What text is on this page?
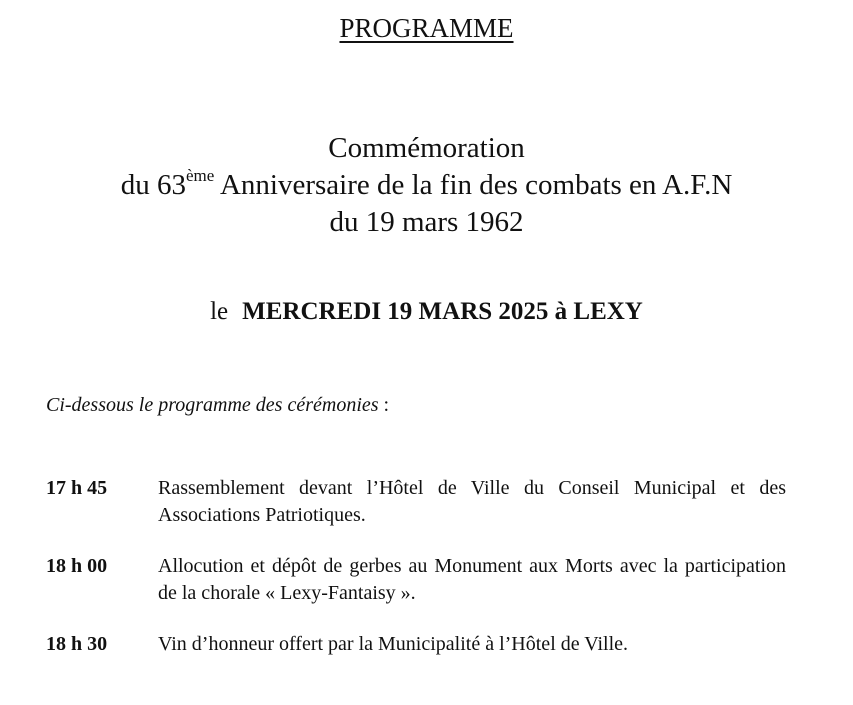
PROGRAMME
Commémoration
du 63ème Anniversaire de la fin des combats en A.F.N
du 19 mars 1962
le MERCREDI 19 MARS 2025 à LEXY
Ci-dessous le programme des cérémonies :
17 h 45	Rassemblement devant l’Hôtel de Ville du Conseil Municipal et des Associations Patriotiques.
18 h 00	Allocution et dépôt de gerbes au Monument aux Morts avec la participation de la chorale « Lexy-Fantaisy ».
18 h 30	Vin d’honneur offert par la Municipalité à l’Hôtel de Ville.
